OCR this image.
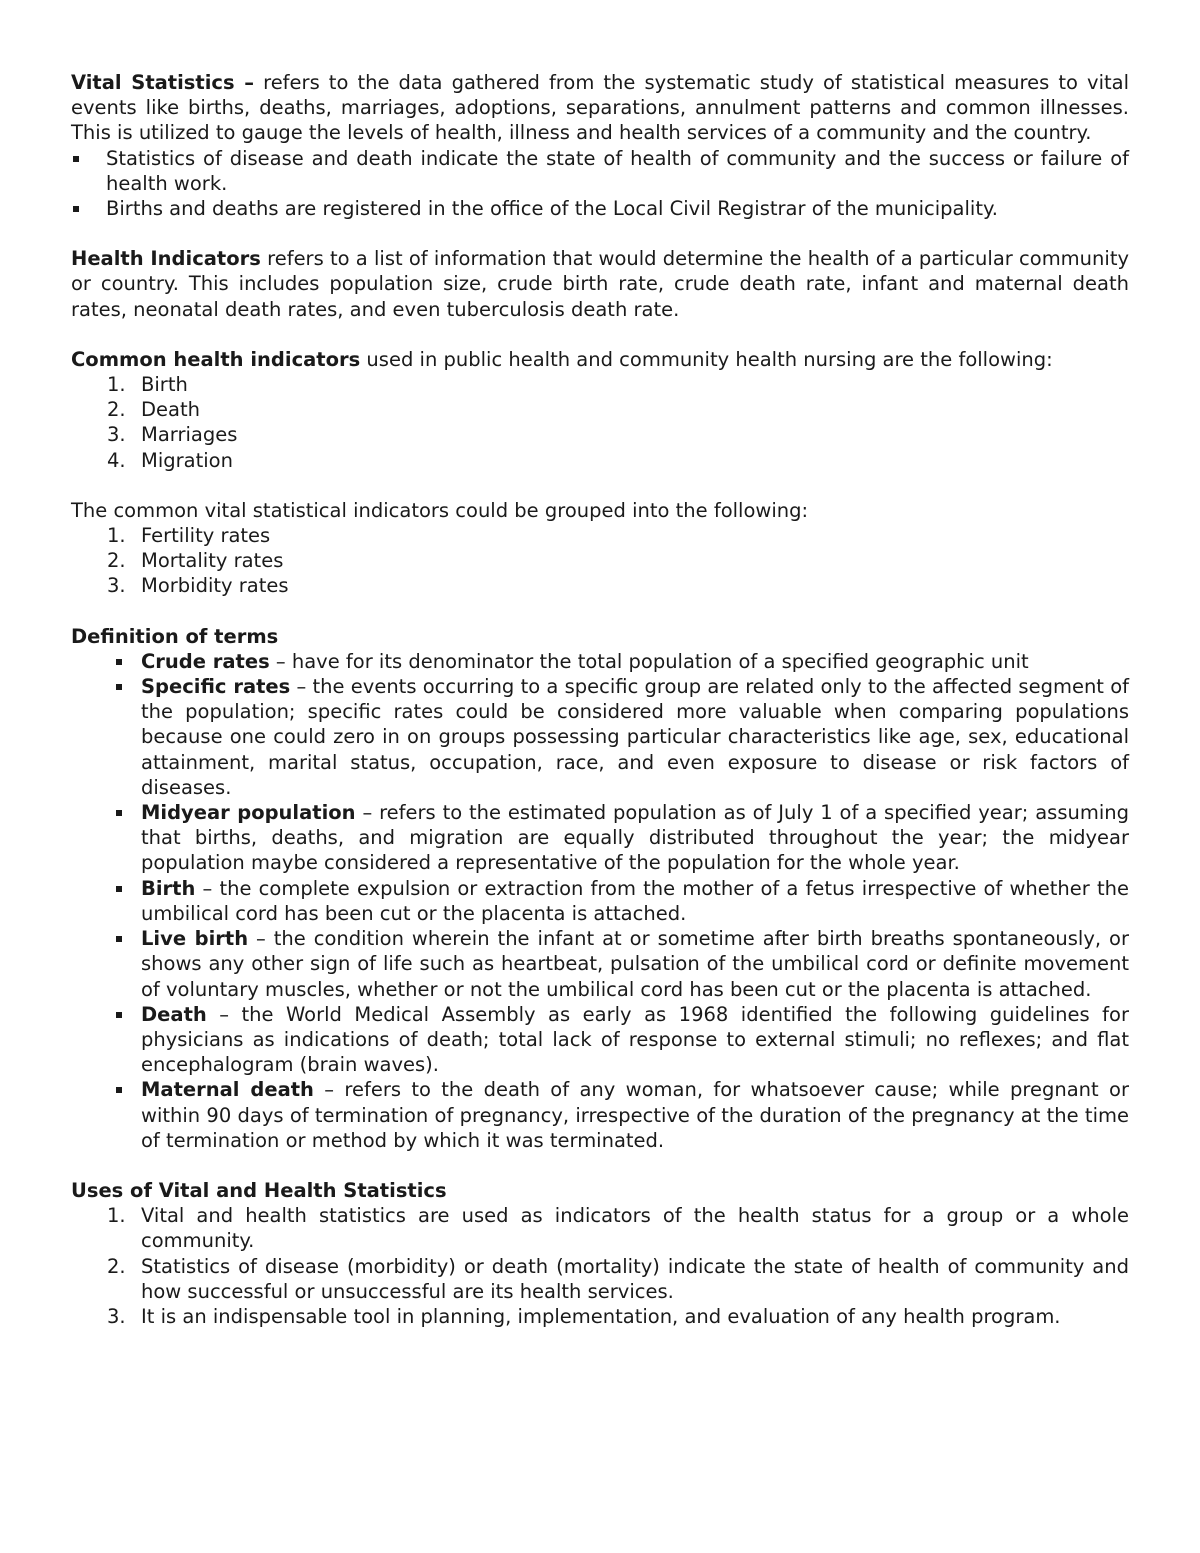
Vital Statistics – refers to the data gathered from the systematic study of statistical measures to vital events like births, deaths, marriages, adoptions, separations, annulment patterns and common illnesses. This is utilized to gauge the levels of health, illness and health services of a community and the country.

Statistics of disease and death indicate the state of health of community and the success or failure of health work.
Births and deaths are registered in the office of the Local Civil Registrar of the municipality.

Health Indicators refers to a list of information that would determine the health of a particular community or country. This includes population size, crude birth rate, crude death rate, infant and maternal death rates, neonatal death rates, and even tuberculosis death rate.

Common health indicators used in public health and community health nursing are the following:

1. Birth
2. Death
3. Marriages
4. Migration

The common vital statistical indicators could be grouped into the following:

1. Fertility rates
2. Mortality rates
3. Morbidity rates

Definition of terms

Crude rates – have for its denominator the total population of a specified geographic unit
Specific rates – the events occurring to a specific group are related only to the affected segment of the population; specific rates could be considered more valuable when comparing populations because one could zero in on groups possessing particular characteristics like age, sex, educational attainment, marital status, occupation, race, and even exposure to disease or risk factors of diseases.
Midyear population – refers to the estimated population as of July 1 of a specified year; assuming that births, deaths, and migration are equally distributed throughout the year; the midyear population maybe considered a representative of the population for the whole year.
Birth – the complete expulsion or extraction from the mother of a fetus irrespective of whether the umbilical cord has been cut or the placenta is attached.
Live birth – the condition wherein the infant at or sometime after birth breaths spontaneously, or shows any other sign of life such as heartbeat, pulsation of the umbilical cord or definite movement of voluntary muscles, whether or not the umbilical cord has been cut or the placenta is attached.
Death – the World Medical Assembly as early as 1968 identified the following guidelines for physicians as indications of death; total lack of response to external stimuli; no reflexes; and flat encephalogram (brain waves).
Maternal death – refers to the death of any woman, for whatsoever cause; while pregnant or within 90 days of termination of pregnancy, irrespective of the duration of the pregnancy at the time of termination or method by which it was terminated.

Uses of Vital and Health Statistics

1. Vital and health statistics are used as indicators of the health status for a group or a whole community.
2. Statistics of disease (morbidity) or death (mortality) indicate the state of health of community and how successful or unsuccessful are its health services.
3. It is an indispensable tool in planning, implementation, and evaluation of any health program.
